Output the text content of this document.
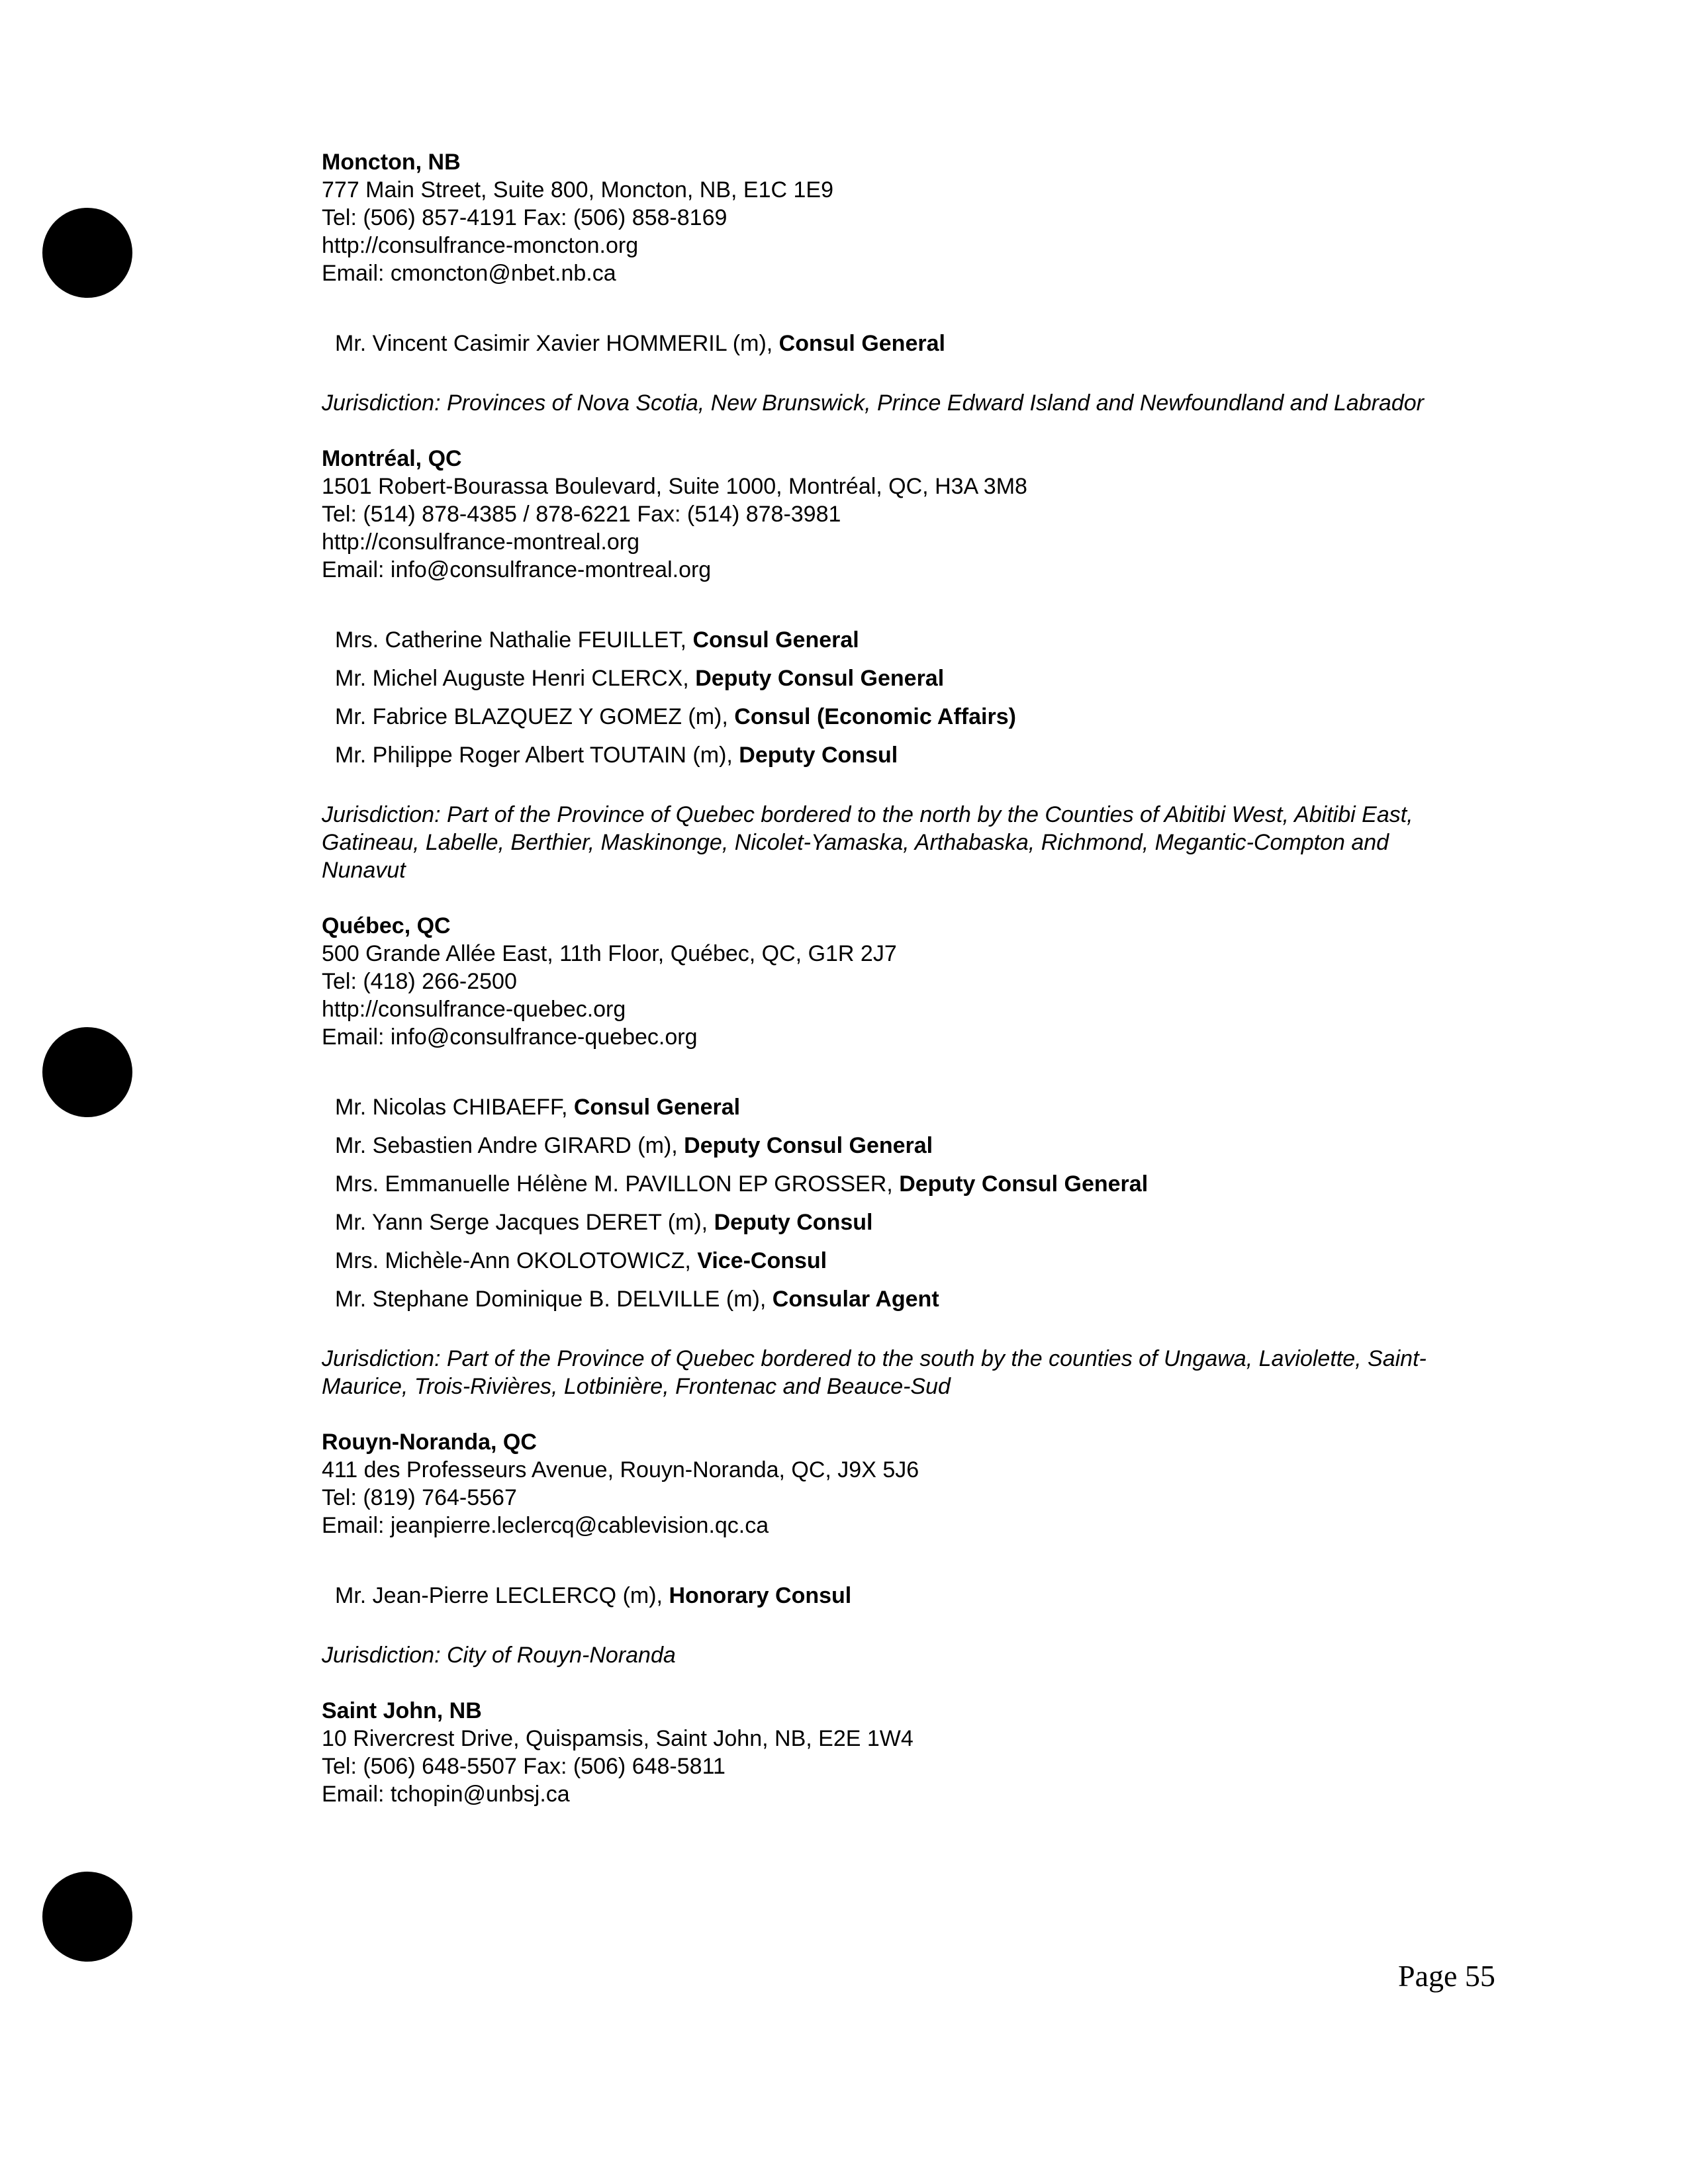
Moncton, NB
777 Main Street, Suite 800, Moncton, NB, E1C 1E9
Tel: (506) 857-4191 Fax: (506) 858-8169
http://consulfrance-moncton.org
Email: cmoncton@nbet.nb.ca
Mr. Vincent Casimir Xavier HOMMERIL (m), Consul General
Jurisdiction: Provinces of Nova Scotia, New Brunswick, Prince Edward Island and Newfoundland and Labrador
Montréal, QC
1501 Robert-Bourassa Boulevard, Suite 1000, Montréal, QC, H3A 3M8
Tel: (514) 878-4385 / 878-6221 Fax: (514) 878-3981
http://consulfrance-montreal.org
Email: info@consulfrance-montreal.org
Mrs. Catherine Nathalie FEUILLET, Consul General
Mr. Michel Auguste Henri CLERCX, Deputy Consul General
Mr. Fabrice BLAZQUEZ Y GOMEZ (m), Consul (Economic Affairs)
Mr. Philippe Roger Albert TOUTAIN (m), Deputy Consul
Jurisdiction: Part of the Province of Quebec bordered to the north by the Counties of Abitibi West, Abitibi East, Gatineau, Labelle, Berthier, Maskinonge, Nicolet-Yamaska, Arthabaska, Richmond, Megantic-Compton and Nunavut
Québec, QC
500 Grande Allée East, 11th Floor, Québec, QC, G1R 2J7
Tel: (418) 266-2500
http://consulfrance-quebec.org
Email: info@consulfrance-quebec.org
Mr. Nicolas CHIBAEFF, Consul General
Mr. Sebastien Andre GIRARD (m), Deputy Consul General
Mrs. Emmanuelle Hélène M. PAVILLON EP GROSSER, Deputy Consul General
Mr. Yann Serge Jacques DERET (m), Deputy Consul
Mrs. Michèle-Ann OKOLOTOWICZ, Vice-Consul
Mr. Stephane Dominique B. DELVILLE (m), Consular Agent
Jurisdiction: Part of the Province of Quebec bordered to the south by the counties of Ungawa, Laviolette, Saint-Maurice, Trois-Rivières, Lotbinière, Frontenac and Beauce-Sud
Rouyn-Noranda, QC
411 des Professeurs Avenue, Rouyn-Noranda, QC, J9X 5J6
Tel: (819) 764-5567
Email: jeanpierre.leclercq@cablevision.qc.ca
Mr. Jean-Pierre LECLERCQ (m), Honorary Consul
Jurisdiction: City of Rouyn-Noranda
Saint John, NB
10 Rivercrest Drive, Quispamsis, Saint John, NB, E2E 1W4
Tel: (506) 648-5507 Fax: (506) 648-5811
Email: tchopin@unbsj.ca
Page 55
